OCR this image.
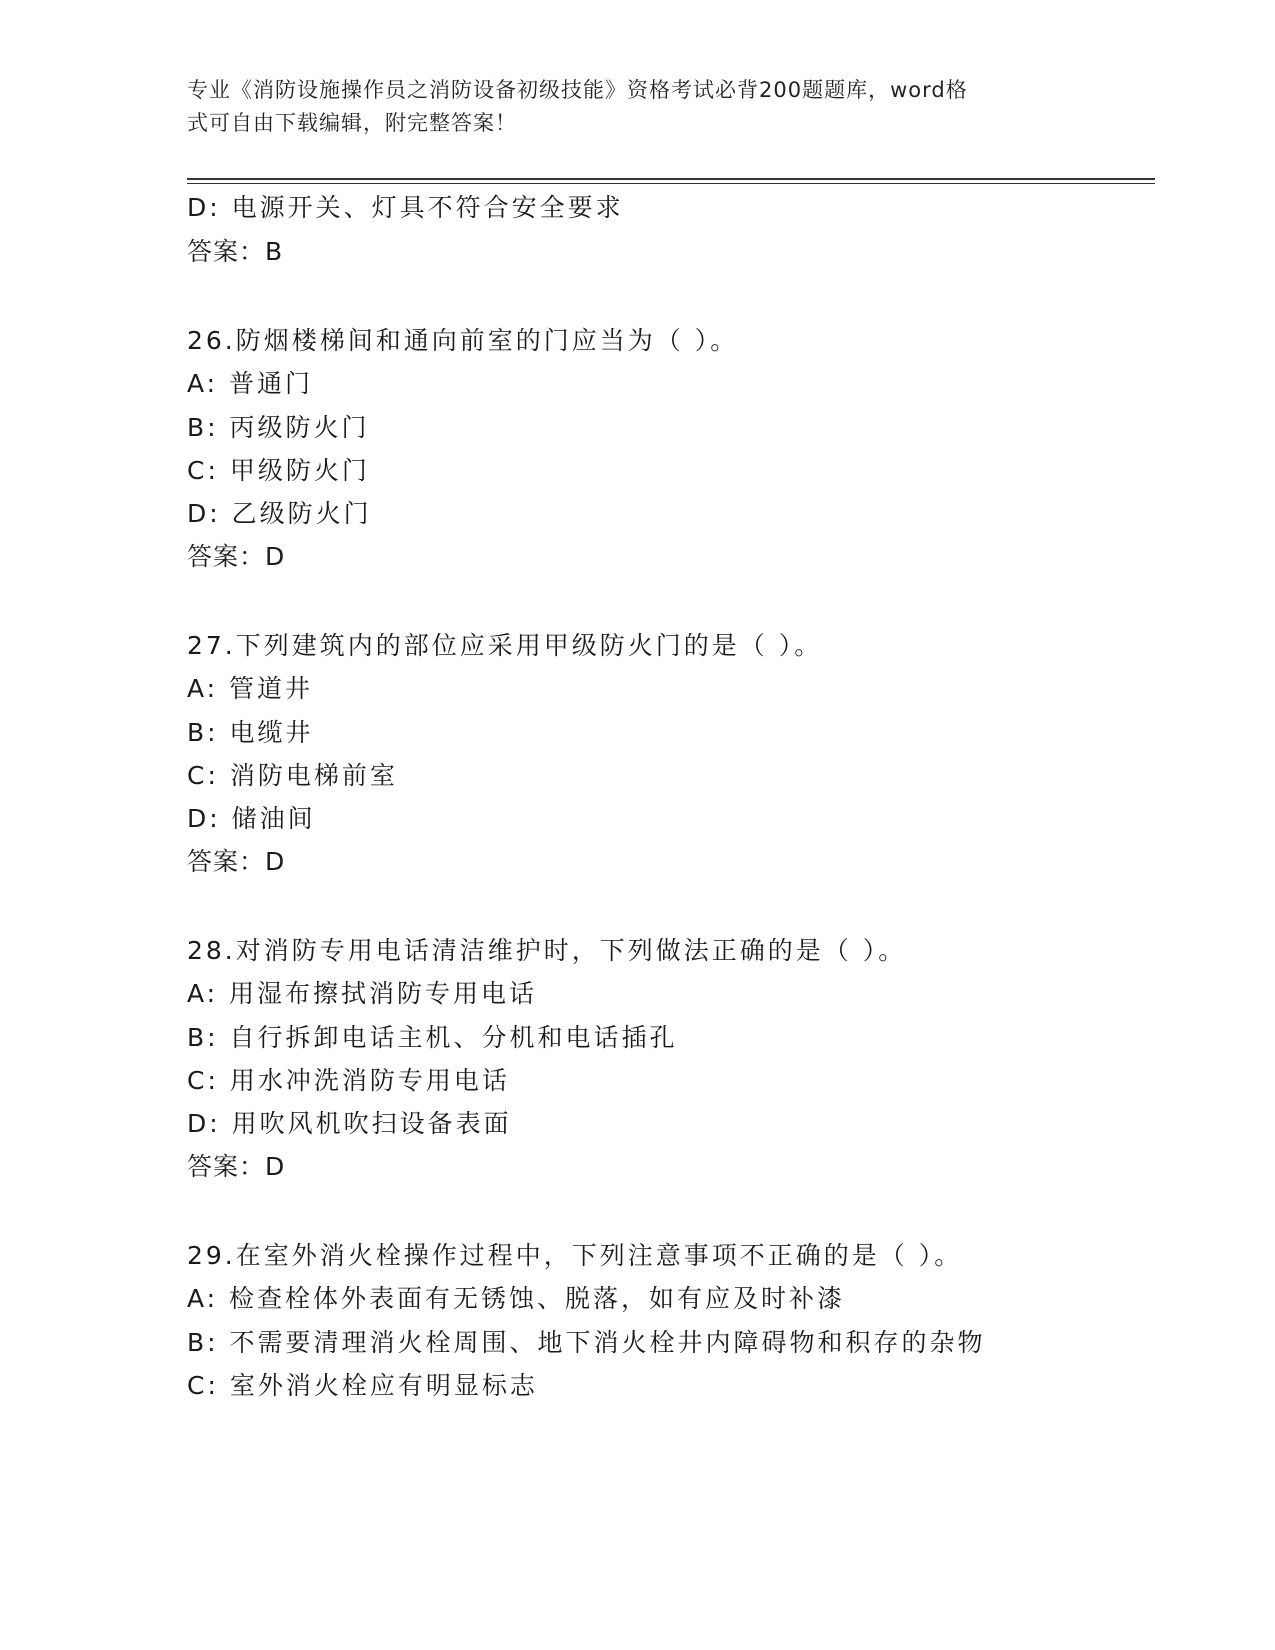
专业《消防设施操作员之消防设备初级技能》资格考试必背200题题库，word格
式可自由下载编辑，附完整答案！
D: 电源开关、灯具不符合安全要求
答案：B
26.防烟楼梯间和通向前室的门应当为（ ）。
A: 普通门
B: 丙级防火门
C: 甲级防火门
D: 乙级防火门
答案：D
27.下列建筑内的部位应采用甲级防火门的是（ ）。
A: 管道井
B: 电缆井
C: 消防电梯前室
D: 储油间
答案：D
28.对消防专用电话清洁维护时，下列做法正确的是（ ）。
A: 用湿布擦拭消防专用电话
B: 自行拆卸电话主机、分机和电话插孔
C: 用水冲洗消防专用电话
D: 用吹风机吹扫设备表面
答案：D
29.在室外消火栓操作过程中，下列注意事项不正确的是（ ）。
A: 检查栓体外表面有无锈蚀、脱落，如有应及时补漆
B: 不需要清理消火栓周围、地下消火栓井内障碍物和积存的杂物
C: 室外消火栓应有明显标志
